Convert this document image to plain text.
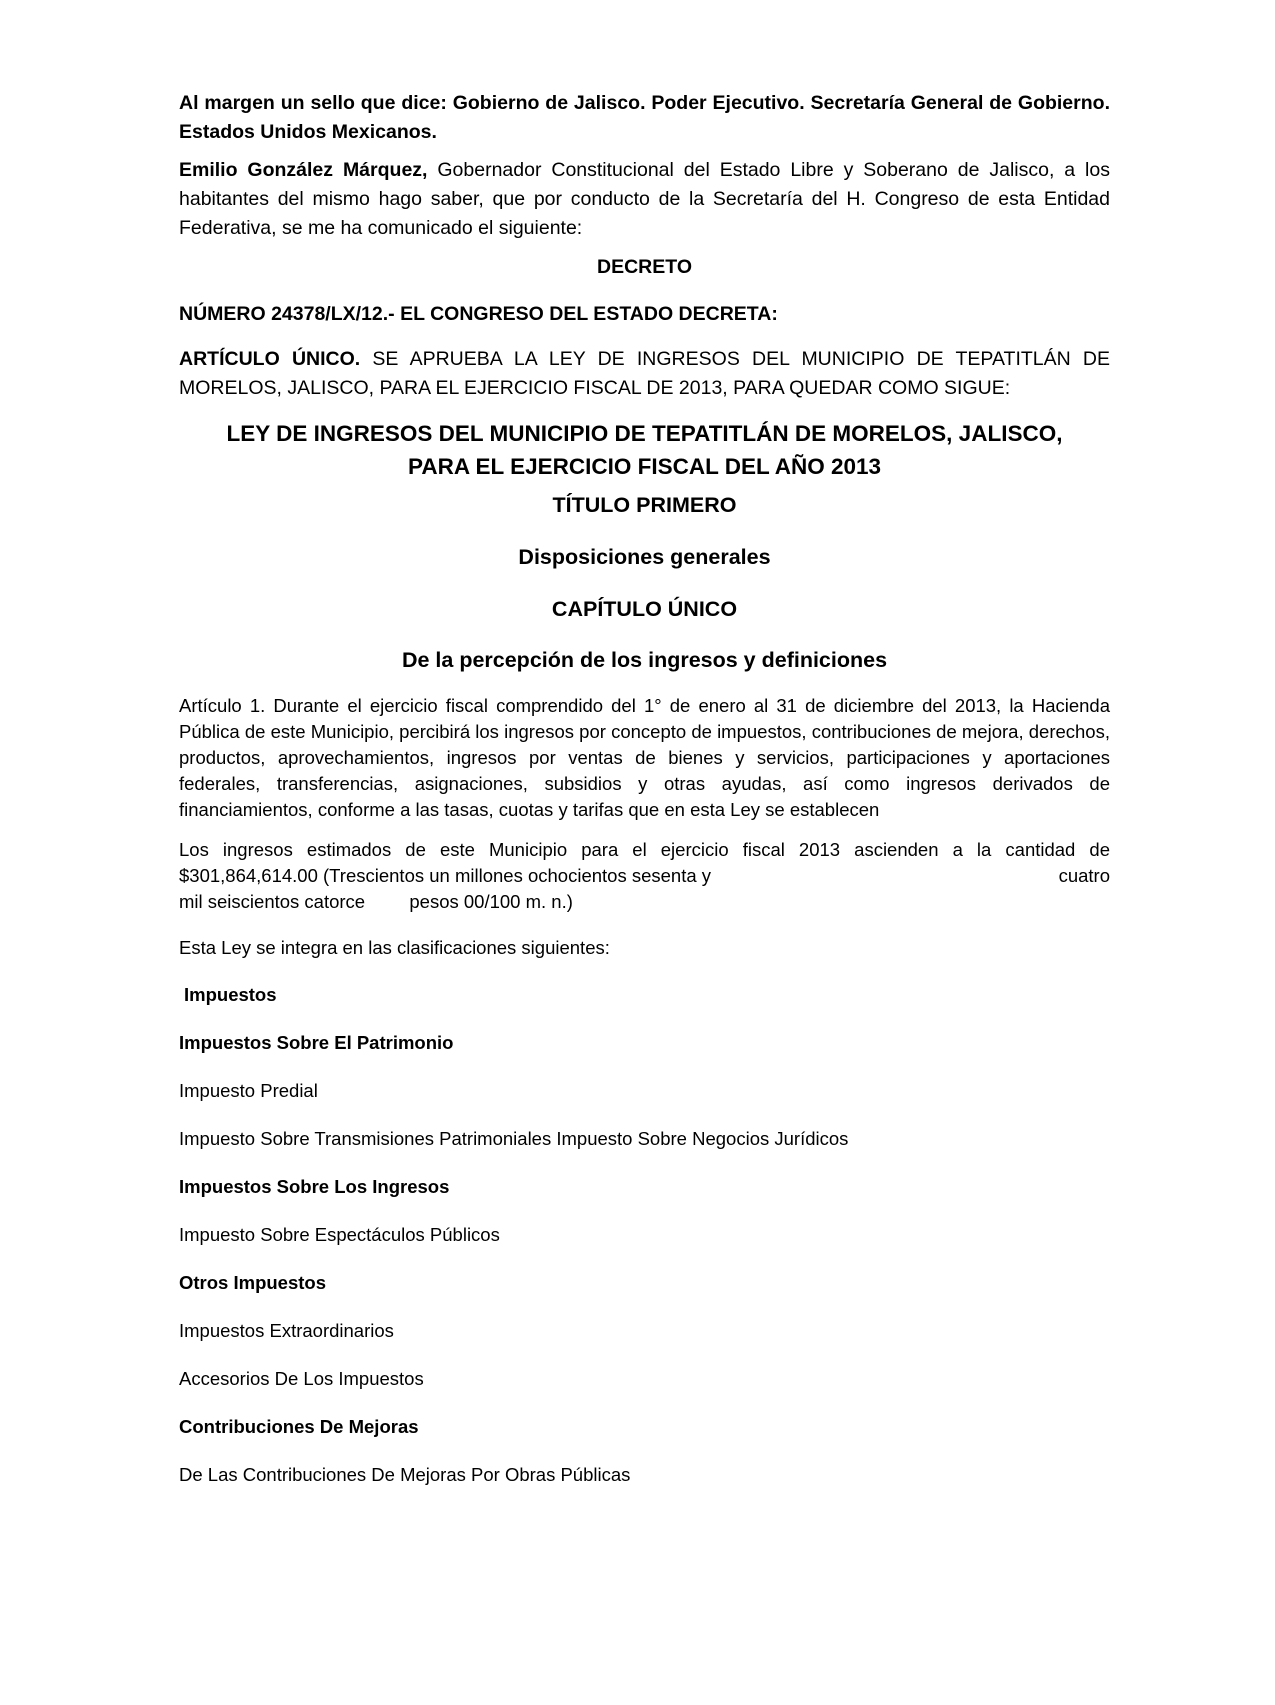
Al margen un sello que dice: Gobierno de Jalisco. Poder Ejecutivo. Secretaría General de Gobierno. Estados Unidos Mexicanos.

Emilio González Márquez, Gobernador Constitucional del Estado Libre y Soberano de Jalisco, a los habitantes del mismo hago saber, que por conducto de la Secretaría del H. Congreso de esta Entidad Federativa, se me ha comunicado el siguiente:

DECRETO

NÚMERO 24378/LX/12.- EL CONGRESO DEL ESTADO DECRETA:

ARTÍCULO ÚNICO. SE APRUEBA LA LEY DE INGRESOS DEL MUNICIPIO DE TEPATITLÁN DE MORELOS, JALISCO, PARA EL EJERCICIO FISCAL DE 2013, PARA QUEDAR COMO SIGUE:

LEY DE INGRESOS DEL MUNICIPIO DE TEPATITLÁN DE MORELOS, JALISCO,
PARA EL EJERCICIO FISCAL DEL AÑO 2013

TÍTULO PRIMERO

Disposiciones generales

CAPÍTULO ÚNICO

De la percepción de los ingresos y definiciones

Artículo 1. Durante el ejercicio fiscal comprendido del 1° de enero al 31 de diciembre del 2013, la Hacienda Pública de este Municipio, percibirá los ingresos por concepto de impuestos, contribuciones de mejora, derechos, productos, aprovechamientos, ingresos por ventas de bienes y servicios, participaciones y aportaciones federales, transferencias, asignaciones, subsidios y otras ayudas, así como ingresos derivados de financiamientos, conforme a las tasas, cuotas y tarifas que en esta Ley se establecen

Los ingresos estimados de este Municipio para el ejercicio fiscal 2013 ascienden a la cantidad de
$301,864,614.00 (Trescientos un millones ochocientos sesenta y	cuatro
mil seiscientos catorce pesos 00/100 m. n.)

Esta Ley se integra en las clasificaciones siguientes:

Impuestos

Impuestos Sobre El Patrimonio

Impuesto Predial

Impuesto Sobre Transmisiones Patrimoniales Impuesto Sobre Negocios Jurídicos

Impuestos Sobre Los Ingresos

Impuesto Sobre Espectáculos Públicos

Otros Impuestos

Impuestos Extraordinarios

Accesorios De Los Impuestos

Contribuciones De Mejoras

De Las Contribuciones De Mejoras Por Obras Públicas
